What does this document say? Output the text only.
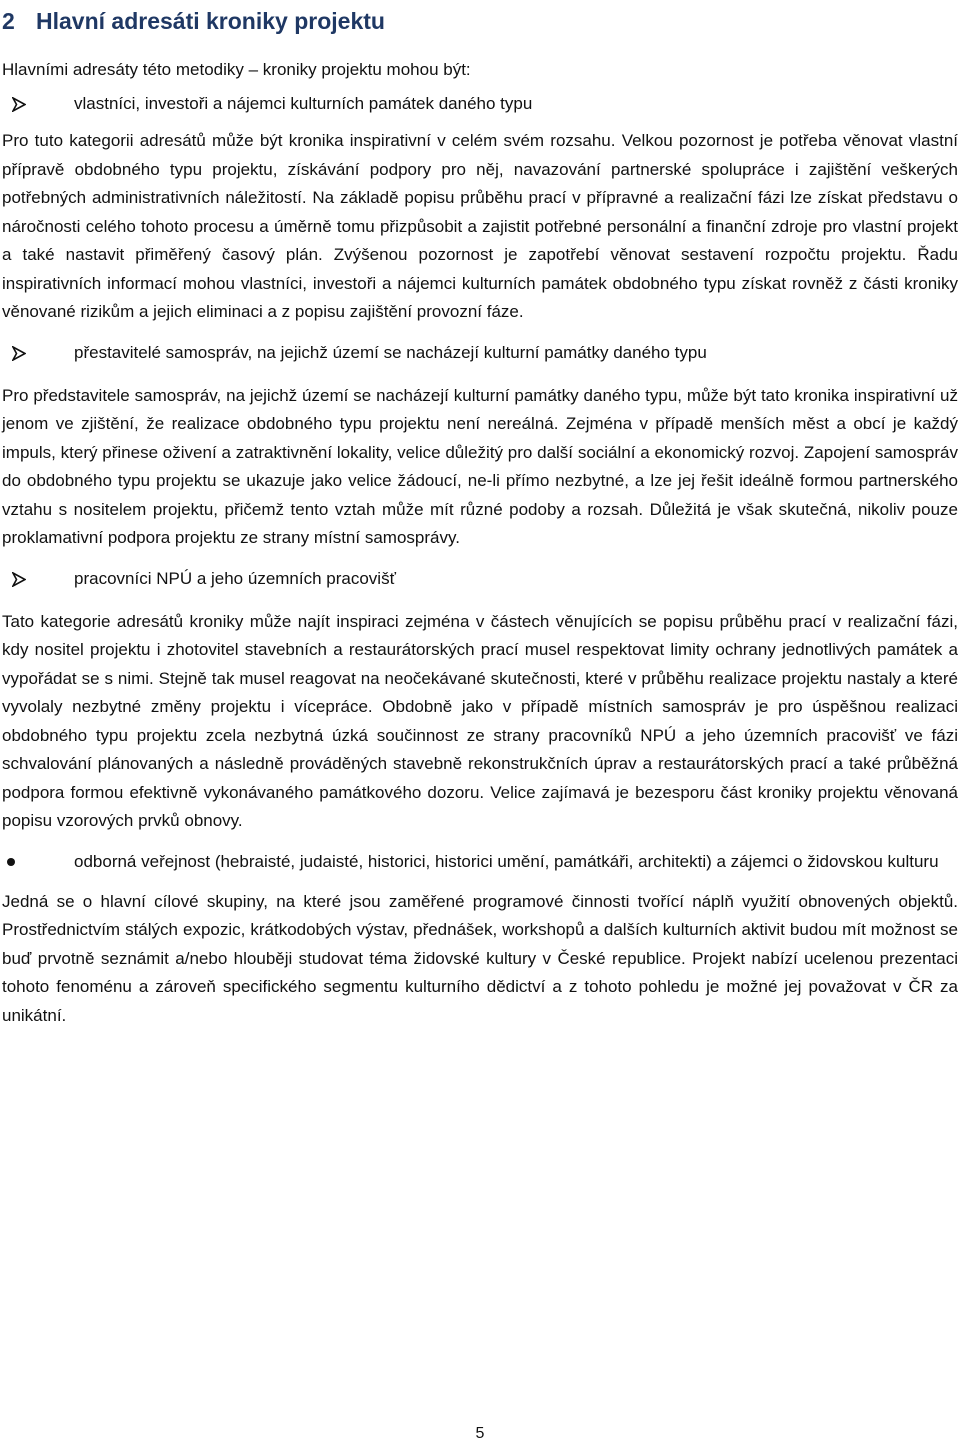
2 Hlavní adresáti kroniky projektu

Hlavními adresáty této metodiky – kroniky projektu mohou být:

vlastníci, investoři a nájemci kulturních památek daného typu

Pro tuto kategorii adresátů může být kronika inspirativní v celém svém rozsahu. Velkou pozornost je potřeba věnovat vlastní přípravě obdobného typu projektu, získávání podpory pro něj, navazování partnerské spolupráce i zajištění veškerých potřebných administrativních náležitostí. Na základě popisu průběhu prací v přípravné a realizační fázi lze získat představu o náročnosti celého tohoto procesu a úměrně tomu přizpůsobit a zajistit potřebné personální a finanční zdroje pro vlastní projekt a také nastavit přiměřený časový plán. Zvýšenou pozornost je zapotřebí věnovat sestavení rozpočtu projektu. Řadu inspirativních informací mohou vlastníci, investoři a nájemci kulturních památek obdobného typu získat rovněž z části kroniky věnované rizikům a jejich eliminaci a z popisu zajištění provozní fáze.

přestavitelé samospráv, na jejichž území se nacházejí kulturní památky daného typu

Pro představitele samospráv, na jejichž území se nacházejí kulturní památky daného typu, může být tato kronika inspirativní už jenom ve zjištění, že realizace obdobného typu projektu není nereálná. Zejména v případě menších měst a obcí je každý impuls, který přinese oživení a zatraktivnění lokality, velice důležitý pro další sociální a ekonomický rozvoj. Zapojení samospráv do obdobného typu projektu se ukazuje jako velice žádoucí, ne-li přímo nezbytné, a lze jej řešit ideálně formou partnerského vztahu s nositelem projektu, přičemž tento vztah může mít různé podoby a rozsah. Důležitá je však skutečná, nikoliv pouze proklamativní podpora projektu ze strany místní samosprávy.

pracovníci NPÚ a jeho územních pracovišť

Tato kategorie adresátů kroniky může najít inspiraci zejména v částech věnujících se popisu průběhu prací v realizační fázi, kdy nositel projektu i zhotovitel stavebních a restaurátorských prací musel respektovat limity ochrany jednotlivých památek a vypořádat se s nimi. Stejně tak musel reagovat na neočekávané skutečnosti, které v průběhu realizace projektu nastaly a které vyvolaly nezbytné změny projektu i vícepráce. Obdobně jako v případě místních samospráv je pro úspěšnou realizaci obdobného typu projektu zcela nezbytná úzká součinnost ze strany pracovníků NPÚ a jeho územních pracovišť ve fázi schvalování plánovaných a následně prováděných stavebně rekonstrukčních úprav a restaurátorských prací a také průběžná podpora formou efektivně vykonávaného památkového dozoru. Velice zajímavá je bezesporu část kroniky projektu věnovaná popisu vzorových prvků obnovy.

odborná veřejnost (hebraisté, judaisté, historici, historici umění, památkáři, architekti) a zájemci o židovskou kulturu

Jedná se o hlavní cílové skupiny, na které jsou zaměřené programové činnosti tvořící náplň využití obnovených objektů. Prostřednictvím stálých expozic, krátkodobých výstav, přednášek, workshopů a dalších kulturních aktivit budou mít možnost se buď prvotně seznámit a/nebo hlouběji studovat téma židovské kultury v České republice. Projekt nabízí ucelenou prezentaci tohoto fenoménu a zároveň specifického segmentu kulturního dědictví a z tohoto pohledu je možné jej považovat v ČR za unikátní.

5
